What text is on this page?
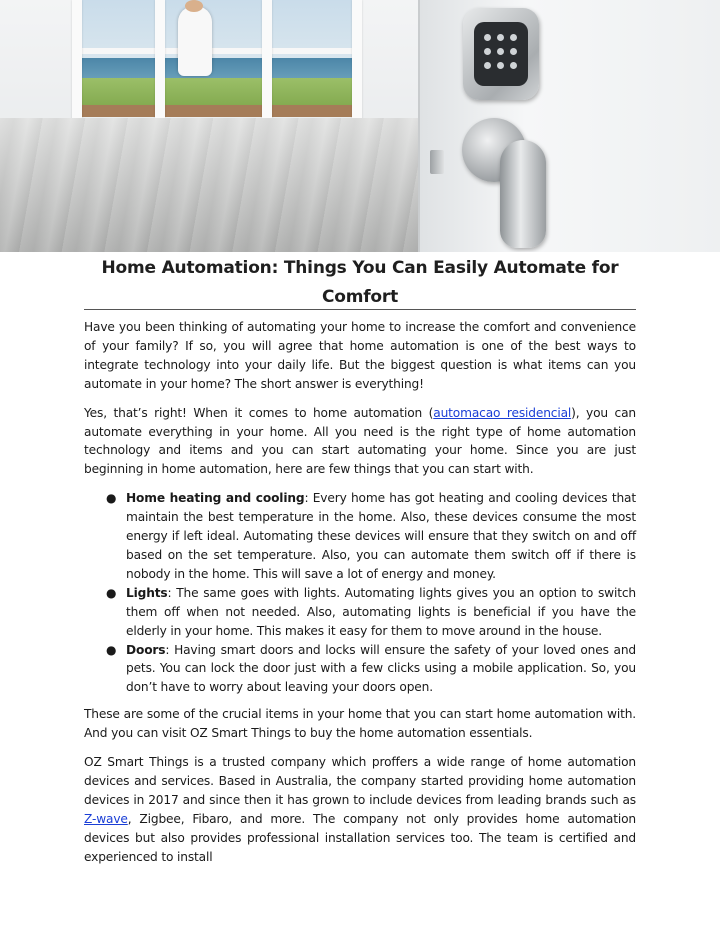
Home Automation: Things You Can Easily Automate for Comfort

Have you been thinking of automating your home to increase the comfort and convenience of your family? If so, you will agree that home automation is one of the best ways to integrate technology into your daily life. But the biggest question is what items can you automate in your home? The short answer is everything!

Yes, that’s right! When it comes to home automation (automacao residencial), you can automate everything in your home. All you need is the right type of home automation technology and items and you can start automating your home. Since you are just beginning in home automation, here are few things that you can start with.

● Home heating and cooling: Every home has got heating and cooling devices that maintain the best temperature in the home. Also, these devices consume the most energy if left ideal. Automating these devices will ensure that they switch on and off based on the set temperature. Also, you can automate them switch off if there is nobody in the home. This will save a lot of energy and money.
● Lights: The same goes with lights. Automating lights gives you an option to switch them off when not needed. Also, automating lights is beneficial if you have the elderly in your home. This makes it easy for them to move around in the house.
● Doors: Having smart doors and locks will ensure the safety of your loved ones and pets. You can lock the door just with a few clicks using a mobile application. So, you don’t have to worry about leaving your doors open.

These are some of the crucial items in your home that you can start home automation with. And you can visit OZ Smart Things to buy the home automation essentials.

OZ Smart Things is a trusted company which proffers a wide range of home automation devices and services. Based in Australia, the company started providing home automation devices in 2017 and since then it has grown to include devices from leading brands such as Z-wave, Zigbee, Fibaro, and more. The company not only provides home automation devices but also provides professional installation services too. The team is certified and experienced to install
